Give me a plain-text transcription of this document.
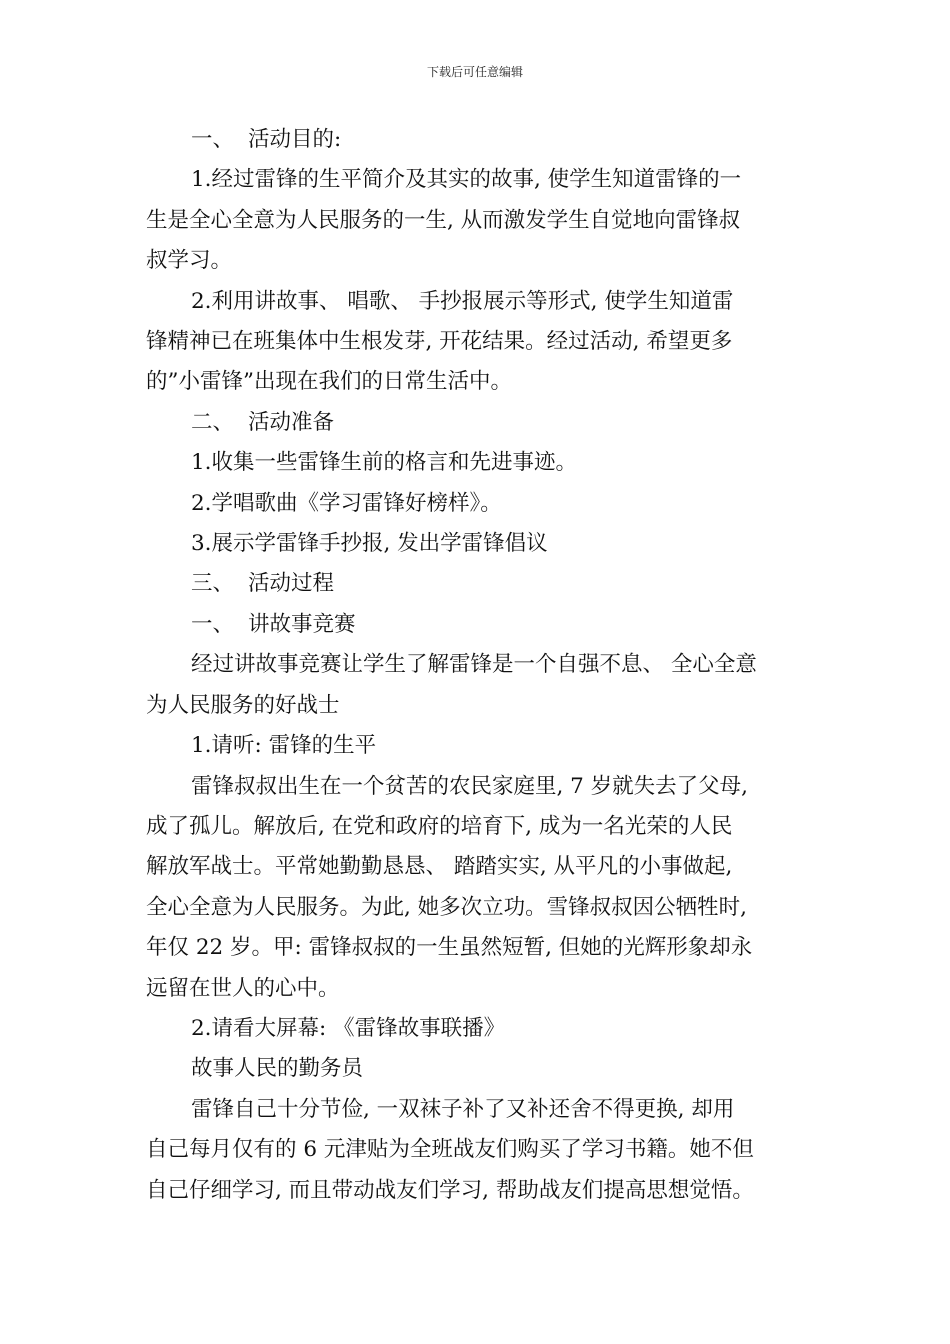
下载后可任意编辑

一、 活动目的:

1.经过雷锋的生平简介及其实的故事, 使学生知道雷锋的一
生是全心全意为人民服务的一生, 从而激发学生自觉地向雷锋叔
叔学习。

2.利用讲故事、 唱歌、 手抄报展示等形式, 使学生知道雷
锋精神已在班集体中生根发芽, 开花结果。经过活动, 希望更多
的”小雷锋”出现在我们的日常生活中。

二、 活动准备

1.收集一些雷锋生前的格言和先进事迹。

2.学唱歌曲《学习雷锋好榜样》。

3.展示学雷锋手抄报, 发出学雷锋倡议

三、 活动过程

一、 讲故事竞赛

经过讲故事竞赛让学生了解雷锋是一个自强不息、 全心全意
为人民服务的好战士

1.请听: 雷锋的生平

雷锋叔叔出生在一个贫苦的农民家庭里, 7 岁就失去了父母,
成了孤儿。解放后, 在党和政府的培育下, 成为一名光荣的人民
解放军战士。平常她勤勤恳恳、 踏踏实实, 从平凡的小事做起,
全心全意为人民服务。为此, 她多次立功。雪锋叔叔因公牺牲时,
年仅 22 岁。甲: 雷锋叔叔的一生虽然短暂, 但她的光辉形象却永
远留在世人的心中。

2.请看大屏幕: 《雷锋故事联播》

故事人民的勤务员

雷锋自己十分节俭, 一双袜子补了又补还舍不得更换, 却用
自己每月仅有的 6 元津贴为全班战友们购买了学习书籍。她不但
自己仔细学习, 而且带动战友们学习, 帮助战友们提高思想觉悟。
